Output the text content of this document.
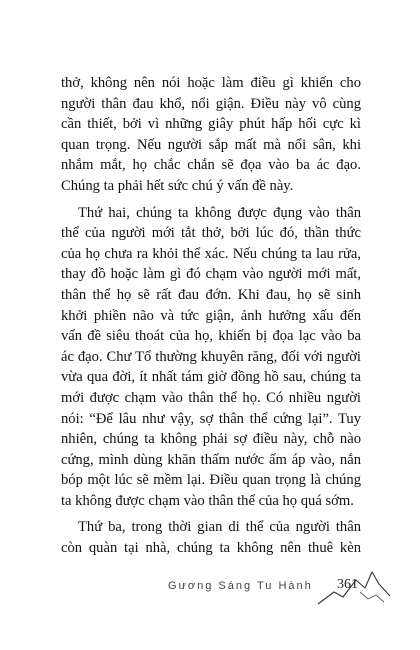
thở, không nên nói hoặc làm điều gì khiến cho
người thân đau khổ, nổi giận. Điều này vô cùng
cần thiết, bởi vì những giây phút hấp hối cực kì
quan trọng. Nếu người sắp mất mà nổi sân, khi
nhắm mắt, họ chắc chắn sẽ đọa vào ba ác đạo.
Chúng ta phải hết sức chú ý vấn đề này.
Thứ hai, chúng ta không được đụng vào thân
thể của người mới tắt thở, bởi lúc đó, thần thức
của họ chưa ra khỏi thể xác. Nếu chúng ta lau rửa,
thay đồ hoặc làm gì đó chạm vào người mới mất,
thân thể họ sẽ rất đau đớn. Khi đau, họ sẽ sinh
khởi phiền não và tức giận, ảnh hưởng xấu đến
vấn đề siêu thoát của họ, khiến bị đọa lạc vào ba
ác đạo. Chư Tổ thường khuyên răng, đối với người
vừa qua đời, ít nhất tám giờ đồng hồ sau, chúng ta
mới được chạm vào thân thể họ. Có nhiều người
nói: “Để lâu như vậy, sợ thân thể cứng lại”. Tuy
nhiên, chúng ta không phải sợ điều này, chỗ nào
cứng, mình dùng khăn thấm nước ấm áp vào, nắn
bóp một lúc sẽ mềm lại. Điều quan trọng là chúng
ta không được chạm vào thân thể của họ quá sớm.
Thứ ba, trong thời gian di thể của người thân
còn quàn tại nhà, chúng ta không nên thuê kèn
Gương Sáng Tu Hành 361
